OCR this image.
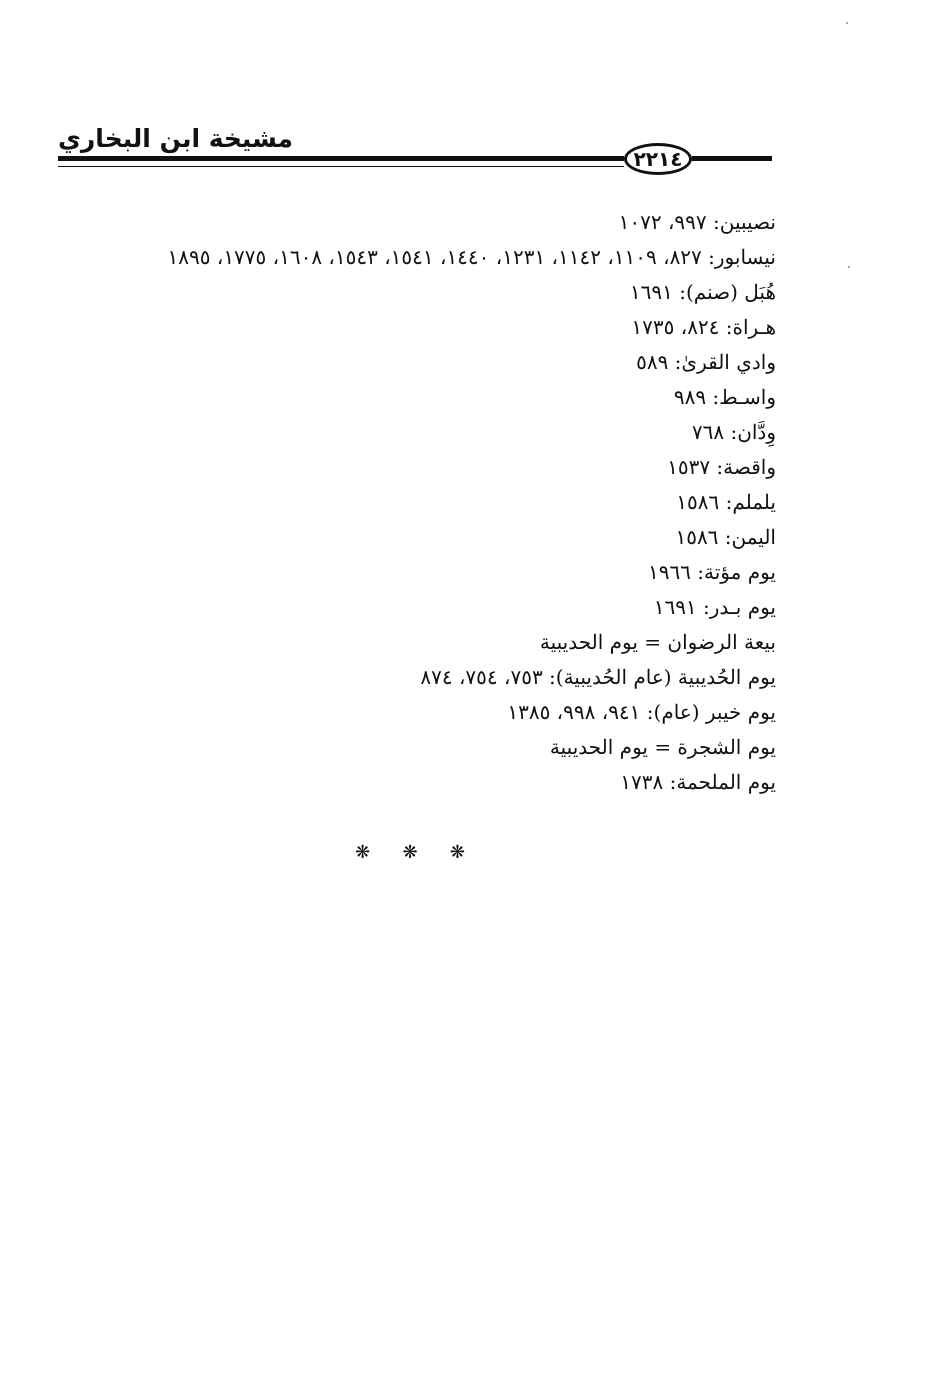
مشيخة ابن البخاري
٢٢١٤
نصيبين: ٩٩٧، ١٠٧٢
نيسابور: ٨٢٧، ١١٠٩، ١١٤٢، ١٢٣١، ١٤٤٠، ١٥٤١، ١٥٤٣، ١٦٠٨، ١٧٧٥، ١٨٩٥
هُبَل (صنم): ١٦٩١
هـراة: ٨٢٤، ١٧٣٥
وادي القرىٰ: ٥٨٩
واسـط: ٩٨٩
وِدَّان: ٧٦٨
واقصة: ١٥٣٧
يلملم: ١٥٨٦
اليمن: ١٥٨٦
يوم مؤتة: ١٩٦٦
يوم بـدر: ١٦٩١
بيعة الرضوان = يوم الحديبية
يوم الحُديبية (عام الحُديبية): ٧٥٣، ٧٥٤، ٨٧٤
يوم خيبر (عام): ٩٤١، ٩٩٨، ١٣٨٥
يوم الشجرة = يوم الحديبية
يوم الملحمة: ١٧٣٨
❋ ❋ ❋
